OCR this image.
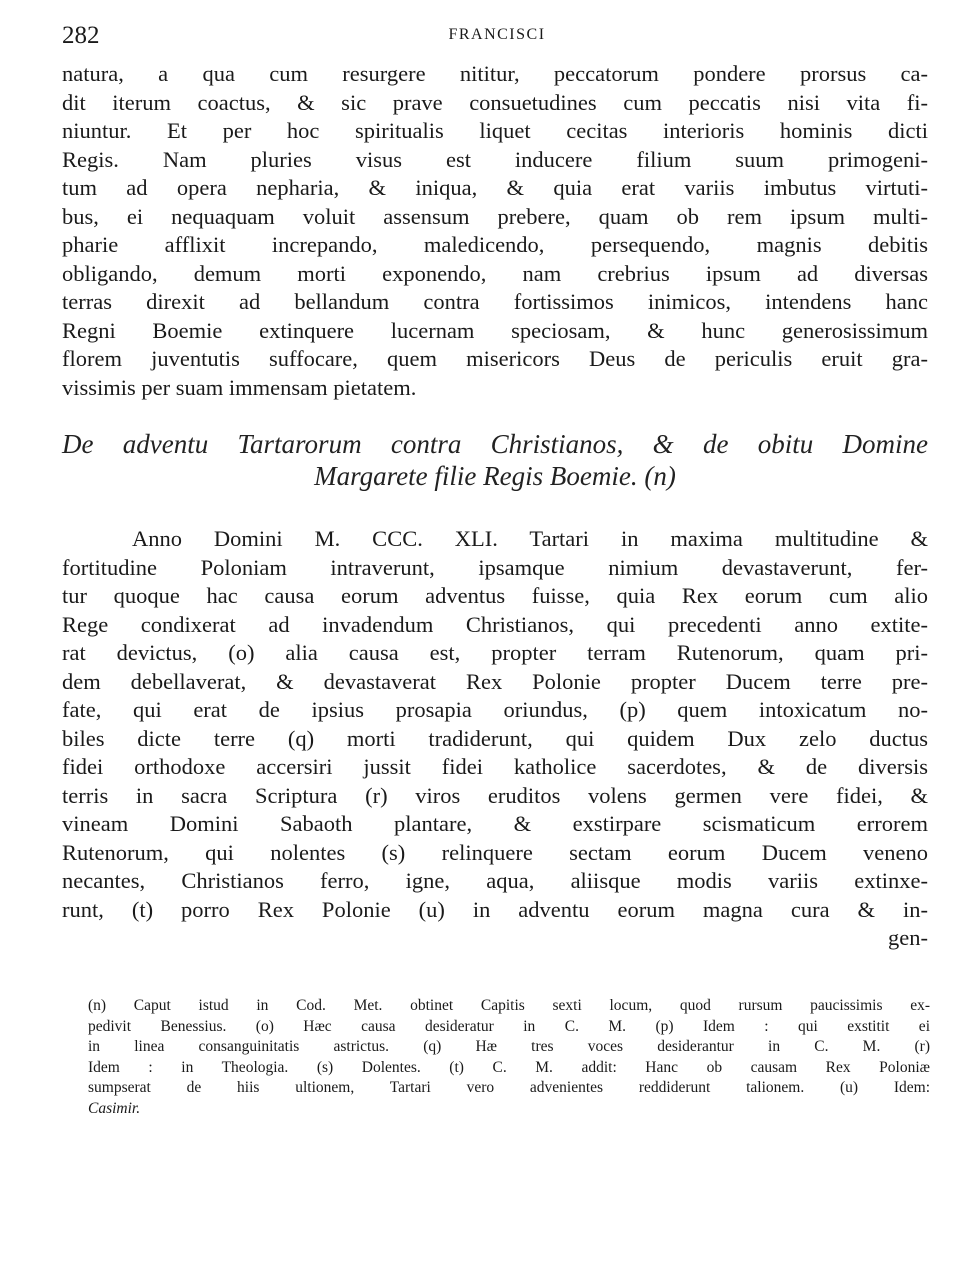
282	FRANCISCI
natura, a qua cum resurgere nititur, peccatorum pondere prorsus ca-
dit iterum coactus, & sic prave consuetudines cum peccatis nisi vita fi-
niuntur. Et per hoc spiritualis liquet cecitas interioris hominis dicti
Regis. Nam pluries visus est inducere filium suum primogeni-
tum ad opera nepharia, & iniqua, & quia erat variis imbutus virtuti-
bus, ei nequaquam voluit assensum prebere, quam ob rem ipsum multi-
pharie afflixit increpando, maledicendo, persequendo, magnis debitis
obligando, demum morti exponendo, nam crebrius ipsum ad diversas
terras direxit ad bellandum contra fortissimos inimicos, intendens hanc
Regni Boemie extinquere lucernam speciosam, & hunc generosissimum
florem juventutis suffocare, quem misericors Deus de periculis eruit gra-
vissimis per suam immensam pietatem.
De adventu Tartarorum contra Christianos, & de obitu Domine
Margarete filie Regis Boemie. (n)
Anno Domini M. CCC. XLI. Tartari in maxima multitudine &
fortitudine Poloniam intraverunt, ipsamque nimium devastaverunt, fer-
tur quoque hac causa eorum adventus fuisse, quia Rex eorum cum alio
Rege condixerat ad invadendum Christianos, qui precedenti anno extite-
rat devictus, (o) alia causa est, propter terram Rutenorum, quam pri-
dem debellaverat, & devastaverat Rex Polonie propter Ducem terre pre-
fate, qui erat de ipsius prosapia oriundus, (p) quem intoxicatum no-
biles dicte terre (q) morti tradiderunt, qui quidem Dux zelo ductus
fidei orthodoxe accersiri jussit fidei katholice sacerdotes, & de diversis
terris in sacra Scriptura (r) viros eruditos volens germen vere fidei, &
vineam Domini Sabaoth plantare, & exstirpare scismaticum errorem
Rutenorum, qui nolentes (s) relinquere sectam eorum Ducem veneno
necantes, Christianos ferro, igne, aqua, aliisque modis variis extinxe-
runt, (t) porro Rex Polonie (u) in adventu eorum magna cura & in-
gen-
(n) Caput istud in Cod. Met. obtinet Capitis sexti locum, quod rursum paucissimis ex-
pedivit Benessius. (o) Hæc causa desideratur in C. M. (p) Idem : qui exstitit ei
in linea consanguinitatis astrictus. (q) Hæ tres voces desiderantur in C. M. (r)
Idem : in Theologia. (s) Dolentes. (t) C. M. addit: Hanc ob causam Rex Poloniæ
sumpserat de hiis ultionem, Tartari vero advenientes reddiderunt talionem. (u) Idem:
Casimir.
